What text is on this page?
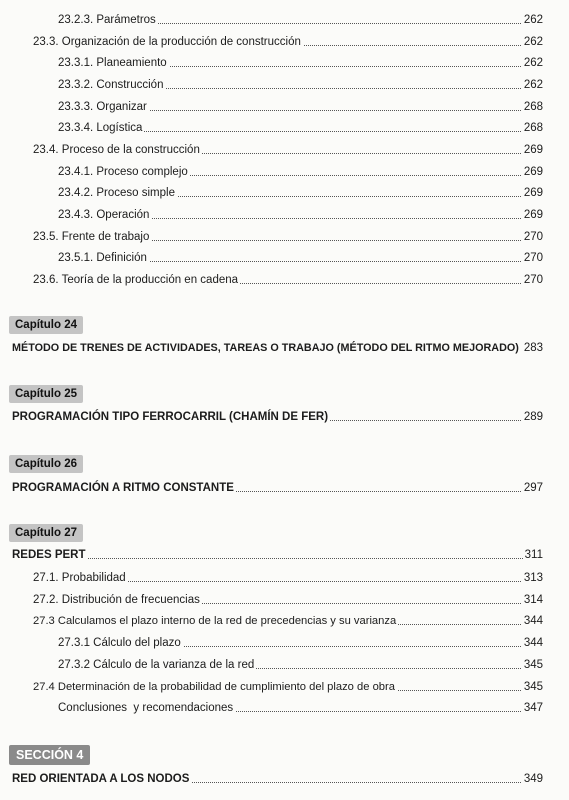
23.2.3. Parámetros	262
23.3. Organización de la producción de construcción	262
23.3.1. Planeamiento	262
23.3.2. Construcción	262
23.3.3. Organizar	268
23.3.4. Logística	268
23.4. Proceso de la construcción	269
23.4.1. Proceso complejo	269
23.4.2. Proceso simple	269
23.4.3. Operación	269
23.5. Frente de trabajo	270
23.5.1. Definición	270
23.6. Teoría de la producción en cadena	270
Capítulo 24
MÉTODO DE TRENES DE ACTIVIDADES, TAREAS O TRABAJO (MÉTODO DEL RITMO MEJORADO) 283
Capítulo 25
PROGRAMACIÓN TIPO FERROCARRIL (CHAMÍN DE FER)	289
Capítulo 26
PROGRAMACIÓN A RITMO CONSTANTE	297
Capítulo 27
REDES PERT	311
27.1. Probabilidad	313
27.2. Distribución de frecuencias	314
27.3 Calculamos el plazo interno de la red de precedencias y su varianza	344
27.3.1 Cálculo del plazo	344
27.3.2 Cálculo de la varianza de la red	345
27.4 Determinación de la probabilidad de cumplimiento del plazo de obra	345
Conclusiones  y recomendaciones	347
SECCIÓN 4
RED ORIENTADA A LOS NODOS	349
